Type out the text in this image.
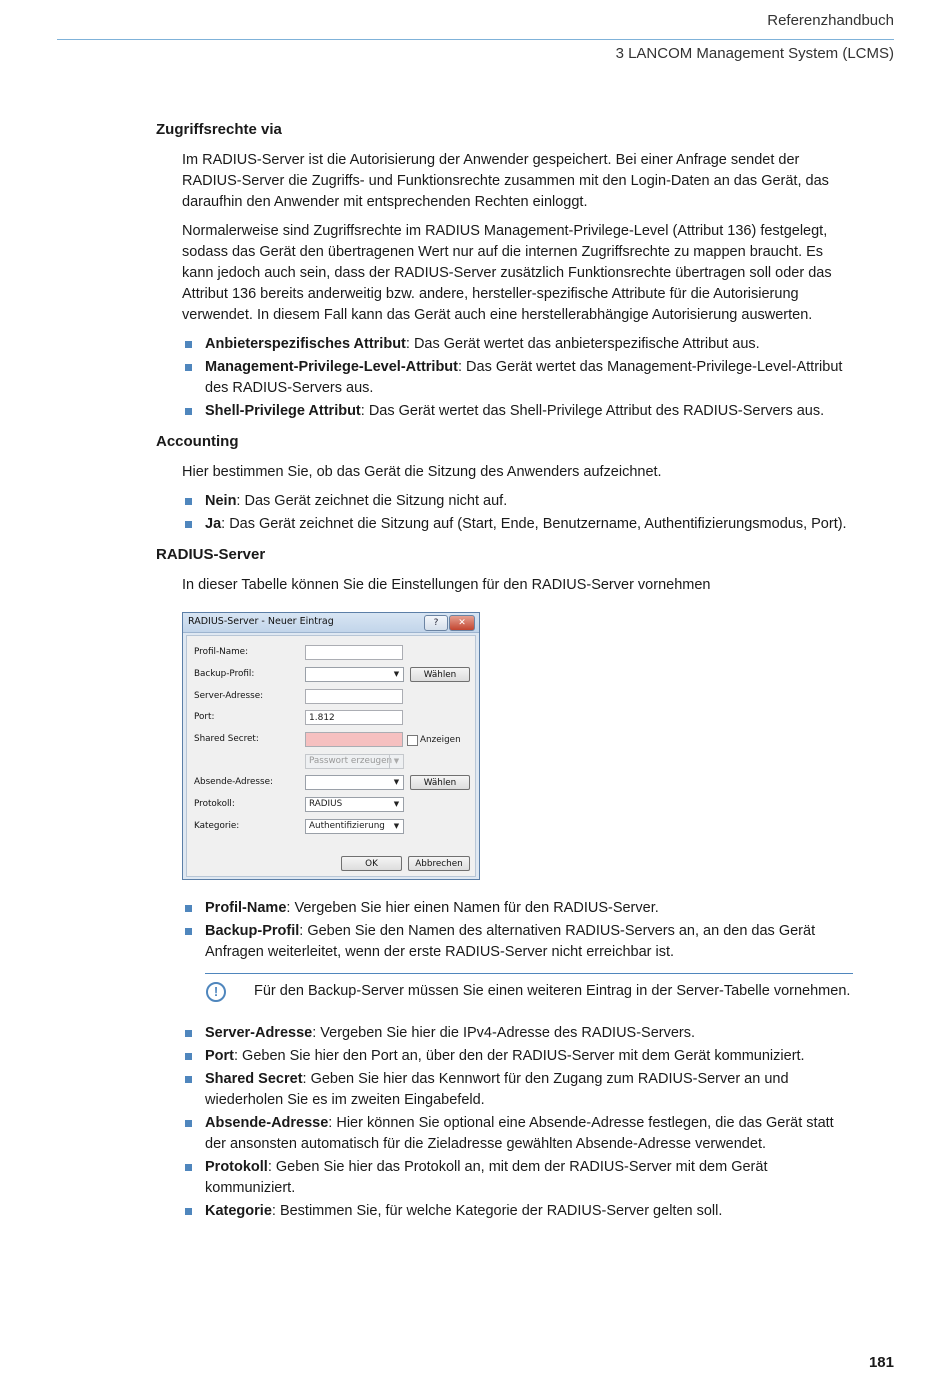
Referenzhandbuch
3 LANCOM Management System (LCMS)
Zugriffsrechte via

Im RADIUS-Server ist die Autorisierung der Anwender gespeichert. Bei einer Anfrage sendet der RADIUS-Server die Zugriffs- und Funktionsrechte zusammen mit den Login-Daten an das Gerät, das daraufhin den Anwender mit entsprechenden Rechten einloggt.

Normalerweise sind Zugriffsrechte im RADIUS Management-Privilege-Level (Attribut 136) festgelegt, sodass das Gerät den übertragenen Wert nur auf die internen Zugriffsrechte zu mappen braucht. Es kann jedoch auch sein, dass der RADIUS-Server zusätzlich Funktionsrechte übertragen soll oder das Attribut 136 bereits anderweitig bzw. andere, hersteller-spezifische Attribute für die Autorisierung verwendet. In diesem Fall kann das Gerät auch eine herstellerabhängige Autorisierung auswerten.

Anbieterspezifisches Attribut: Das Gerät wertet das anbieterspezifische Attribut aus.
Management-Privilege-Level-Attribut: Das Gerät wertet das Management-Privilege-Level-Attribut des RADIUS-Servers aus.
Shell-Privilege Attribut: Das Gerät wertet das Shell-Privilege Attribut des RADIUS-Servers aus.
Accounting

Hier bestimmen Sie, ob das Gerät die Sitzung des Anwenders aufzeichnet.

Nein: Das Gerät zeichnet die Sitzung nicht auf.
Ja: Das Gerät zeichnet die Sitzung auf (Start, Ende, Benutzername, Authentifizierungsmodus, Port).
RADIUS-Server

In dieser Tabelle können Sie die Einstellungen für den RADIUS-Server vornehmen

RADIUS-Server - Neuer Eintrag	?	✕
Profil-Name:
Backup-Profil:	▼	Wählen
Server-Adresse:
Port:	1.812
Shared Secret:	Anzeigen
Passwort erzeugen ▼
Absende-Adresse:	▼	Wählen
Protokoll:	RADIUS	▼
Kategorie:	Authentifizierung	▼
OK	Abbrechen
Profil-Name: Vergeben Sie hier einen Namen für den RADIUS-Server.
Backup-Profil: Geben Sie den Namen des alternativen RADIUS-Servers an, an den das Gerät Anfragen weiterleitet, wenn der erste RADIUS-Server nicht erreichbar ist.
!	Für den Backup-Server müssen Sie einen weiteren Eintrag in der Server-Tabelle vornehmen.
Server-Adresse: Vergeben Sie hier die IPv4-Adresse des RADIUS-Servers.
Port: Geben Sie hier den Port an, über den der RADIUS-Server mit dem Gerät kommuniziert.
Shared Secret: Geben Sie hier das Kennwort für den Zugang zum RADIUS-Server an und wiederholen Sie es im zweiten Eingabefeld.
Absende-Adresse: Hier können Sie optional eine Absende-Adresse festlegen, die das Gerät statt der ansonsten automatisch für die Zieladresse gewählten Absende-Adresse verwendet.
Protokoll: Geben Sie hier das Protokoll an, mit dem der RADIUS-Server mit dem Gerät kommuniziert.
Kategorie: Bestimmen Sie, für welche Kategorie der RADIUS-Server gelten soll.
181
